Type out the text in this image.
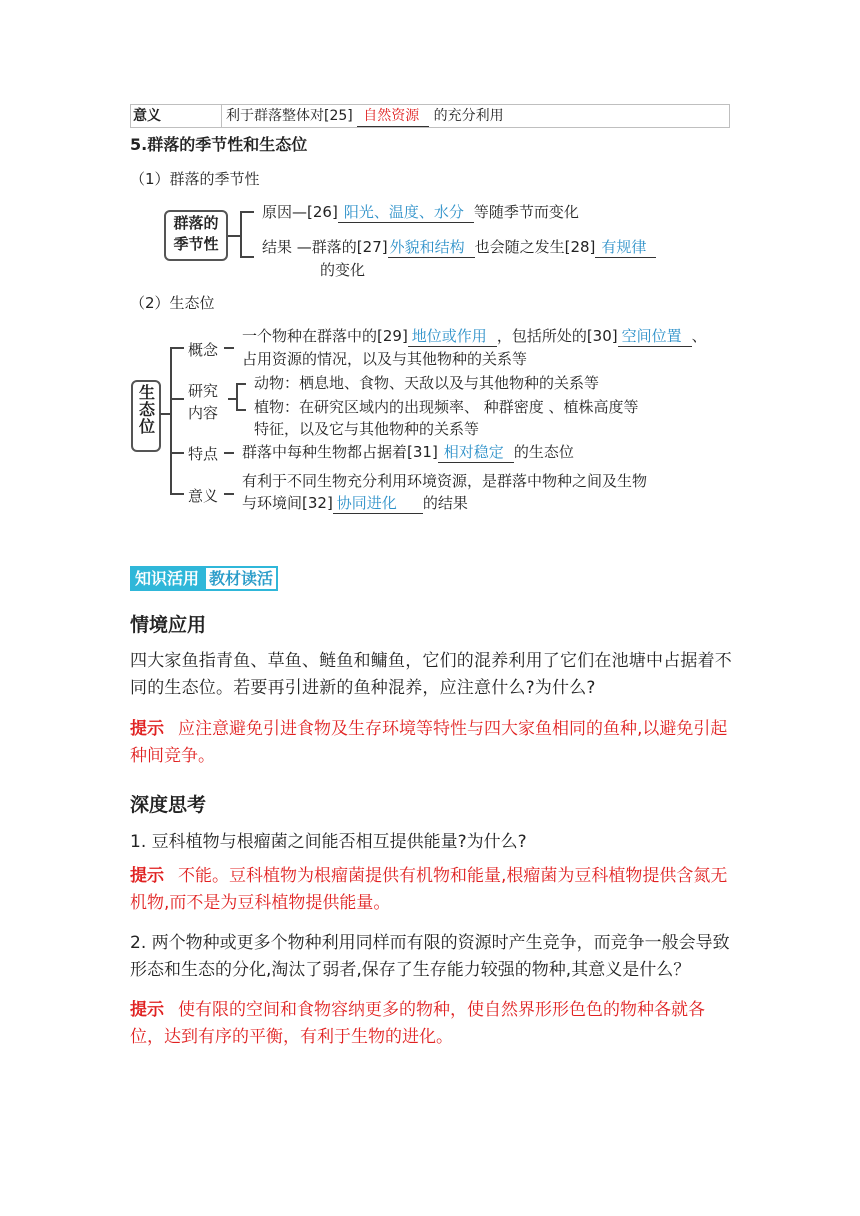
意义	利于群落整体对[25] 自然资源 的充分利用
5.群落的季节性和生态位
（1）群落的季节性
群落的
季节性
原因—[26] 阳光、温度、水分 等随季节而变化
结果 —群落的[27] 外貌和结构 也会随之发生[28] 有规律
的变化
（2）生态位
生态位
概念
一个物种在群落中的[29] 地位或作用 ，包括所处的[30] 空间位置 、
占用资源的情况，以及与其他物种的关系等
研究
内容
动物：栖息地、食物、天敌以及与其他物种的关系等
植物：在研究区域内的出现频率、 种群密度 、植株高度等
特征，以及它与其他物种的关系等
特点 群落中每种生物都占据着[31] 相对稳定 的生态位
意义
有利于不同生物充分利用环境资源，是群落中物种之间及生物
与环境间[32] 协同进化 的结果
知识活用 教材读活
情境应用
四大家鱼指青鱼、草鱼、鲢鱼和鳙鱼，它们的混养利用了它们在池塘中占据着不同的生态位。若要再引进新的鱼种混养，应注意什么?为什么?
提示 应注意避免引进食物及生存环境等特性与四大家鱼相同的鱼种,以避免引起种间竞争。
深度思考
1. 豆科植物与根瘤菌之间能否相互提供能量?为什么?
提示 不能。豆科植物为根瘤菌提供有机物和能量,根瘤菌为豆科植物提供含氮无机物,而不是为豆科植物提供能量。
2. 两个物种或更多个物种利用同样而有限的资源时产生竞争，而竞争一般会导致形态和生态的分化,淘汰了弱者,保存了生存能力较强的物种,其意义是什么？
提示 使有限的空间和食物容纳更多的物种，使自然界形形色色的物种各就各位，达到有序的平衡，有利于生物的进化。
